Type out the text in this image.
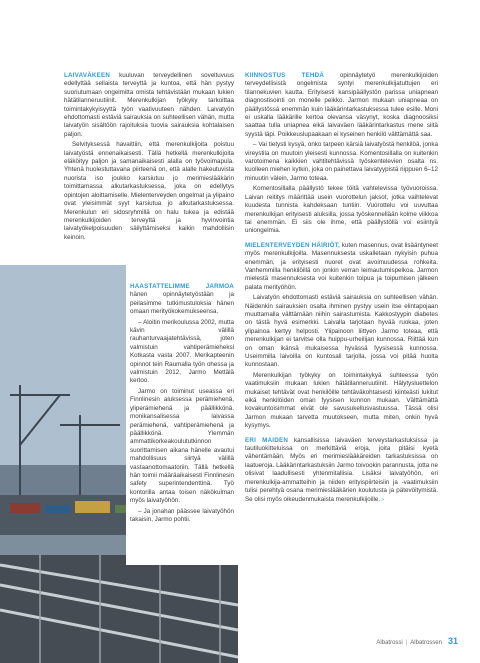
LAIVAVÄKEEN kuuluvan terveydellinen soveltuvuus edellyttää sellaista terveyttä ja kuntoa, että hän pystyy suoriutumaan ongelmitta omista tehtävistään mukaan lukien hätätilanneruutiinit. Merenkulkijan työkyky tarkoittaa toimintakykyisyyttä työn vaativuuteen nähden. Laivatyön ehdottomasti estäviä sairauksia on suhteellisen vähän, mutta laivatyön sisältöön rajoituksia tuovia sairauksia kohtalaisen paljon.

Selvityksessä havaittiin, että merenkulkijoita poistuu laivatyöstä ennenaikaisesti. Tällä hetkellä merenkulkijoita eläköityy paljon ja samanaikaisesti alalla on työvoimapula. Yhtenä huolestuttavana piirteenä on, että alalle hakeutuvista nuorista iso joukko karsiutuu jo merimieslääkärin toimittamassa alkutarkastuksessa, joka on edellytys opintojen aloittamiselle. Mielenterveyden ongelmat ja ylipaino ovat yleisimmät syyt karsiutua jo alkutarkastuksessa. Merenkulun eri sidosryhmillä on halu tukea ja edistää merenkulkijoiden terveyttä ja hyvinvointia laivatyökelpoisuuden säilyttämiseksi kaikin mahdollisin keinoin.

HAASTATTELIMME JARMOA hänen opinnäytetyöstään ja peilasimme tutkimustuloksia hänen omaan merityökokemukseensa.

– Aloitin merikoulussa 2002, mutta kävin välillä rauhanturvaajatehtävissä, joten valmistuin vahtiperämieheksi Kotkasta vasta 2007. Merikapteenin opinnot tein Raumalla työn ohessa ja valmistuin 2012, Jarmo Mettälä kertoo.

Jarmo on toiminut useassa eri Finnlinesin aluksessa perämiehenä, yliperämiehenä ja päällikkönä. monikansalisessa laivassa perämiehenä, vahtiperämiehenä ja päällikkönä. Ylemmän ammattikorkeakoulututkinnon suorittamisen aikana hänelle avautui mahdollisuus siirtyä välillä vastaanottomaatoriin. Tällä hetkellä hän toimii määräaikaisesti Finnlinesin safety superintendenttinä. Työ kontorilla antaa toisen näkökulman myös laivatyöhön.

– Ja jonahan päässee laivatyöhön takaisin, Jarmo pohtii.

KIINNOSTUS TEHDÄ opinnäytetyö merenkulkijoiden terveydellisistä ongelmista syntyi merenkulkijatuttujen eri tilannekuvien kautta. Erityisesti kansipäällystön parissa uniapnean diagnostisointi on monelle peikko. Jarmon mukaan uniapneaa on päällystössä enemmän kuin lääkärintarkastuksessa tulee esille. Moni ei uskalla lääkärille kertoa olevansa väsynyt, koska diagnoosiksi saattaa tulla uniapnea eikä laivaväen lääkärintarkastus mene siitä syystä läpi. Poikkeuslupaakaan ei kyseinen henkilö välttämättä saa.

– Vai tietysti kysyä, onko tarpeen kärsiä laivatyöstä henkilöä, jonka vireystila on muutoin yleisesti kunnossa. Komentosillalla on kuitenkin varotoimena kaikkien vahtitehtävissä työskentelevien osalta ns. kuolleen miehen kytkin, joka on painettava laivatyypistä riippuen 6–12 minuutin välein, Jarmo toteaa.

Komentosillalla päällystö tekee töitä vahtelevissa työvuoroissa. Laivan reititys määrittää usein vuorottelun jaksot, jotka vaihtelevat kuudesta tunnista kahdeksaan tuntiin. Vuorottelu voi uuvuttaa merenkulkijan erityisesti aluksilla, jossa työskennellään kolme viikkoa tai enemmän. Ei siis ole ihme, että päällystöllä voi esiintyä uniongelmia.

MIELENTERVEYDEN HÄIRIÖT, kuten masennus, ovat lisääntyneet myös merenkulkijoilla. Masennuksesta uskalletaan nykyisin puhua enemmän, ja erityisesti nuoret ovat avoimuudessa rohkeita. Vanhemmilla henkilöillä on jonkin verran leimautumispelkoa. Jarmon mielestä masennuksesta voi kuitenkin toipua ja toipumisen jälkeen palata merityöhön.

Laivatyön ehdottomasti estäviä sairauksia on suhteellisen vähän. Näidenkin sairauksien osalta ihminen pystyy usein itse elintapojaan muuttamalla välttämään niihin sairastumista. Kakkostyypin diabetes on tästä hyvä esimerkki. Laivalla tarjotaan hyvää ruokaa, joten ylipainoa kertyy helposti. Ylipainoon liittyen Jarmo toteaa, että merenkulkijan ei tarvitse olla huippu-urheilijan kunnossa. Riittää kun on oman ikänsä mukaisessa hyvässä fyysisessä kunnossa. Useimmilla laivoilla on kuntosali tarjolla, jossa voi pitää huolta kunnostaan.

Merenkulkijan työkyky on toimintakykyä suhteessa työn vaatimuksiin mukaan lukien hätätilanneruutiinit. Hälytysluettelon mukaiset tehtävät ovat henkilöille tehtäväkohtaisesti kiinteästi lukitut eikä henkilöiden oman fyysisen kunnon mukaan. Välttämättä kovakuntoisimmat eivät ole savusukellusvastuussa. Tässä olisi Jarmon mukaan tarvetta muutokseen, mutta miten, onkin hyvä kysymys.

ERI MAIDEN kansallisissa laivaväen terveystarkastuksissa ja tautiluokitteluissa on merkittäviä eroja, joita pitäisi kyetä vähentämään. Myös eri merimieslääkäreiden tarkastuksissa on laatueroja. Lääkärintarkastuksiin Jarmo toivookin parannusta, jotta ne olisivat laadullisesti yhtenmitallisia. Lisäksi laivatyöhön, eri merenkulkija-ammatteihin ja niiden erityispiirteisiin ja -vaatimuksiin tulisi perehtyä osana merimieslääkärien koulutusta ja pätevöitymistä. Se olisi myös oikeudenmukaista merenkulkijoille. ›

Albatrossi | Albatrossen 31
